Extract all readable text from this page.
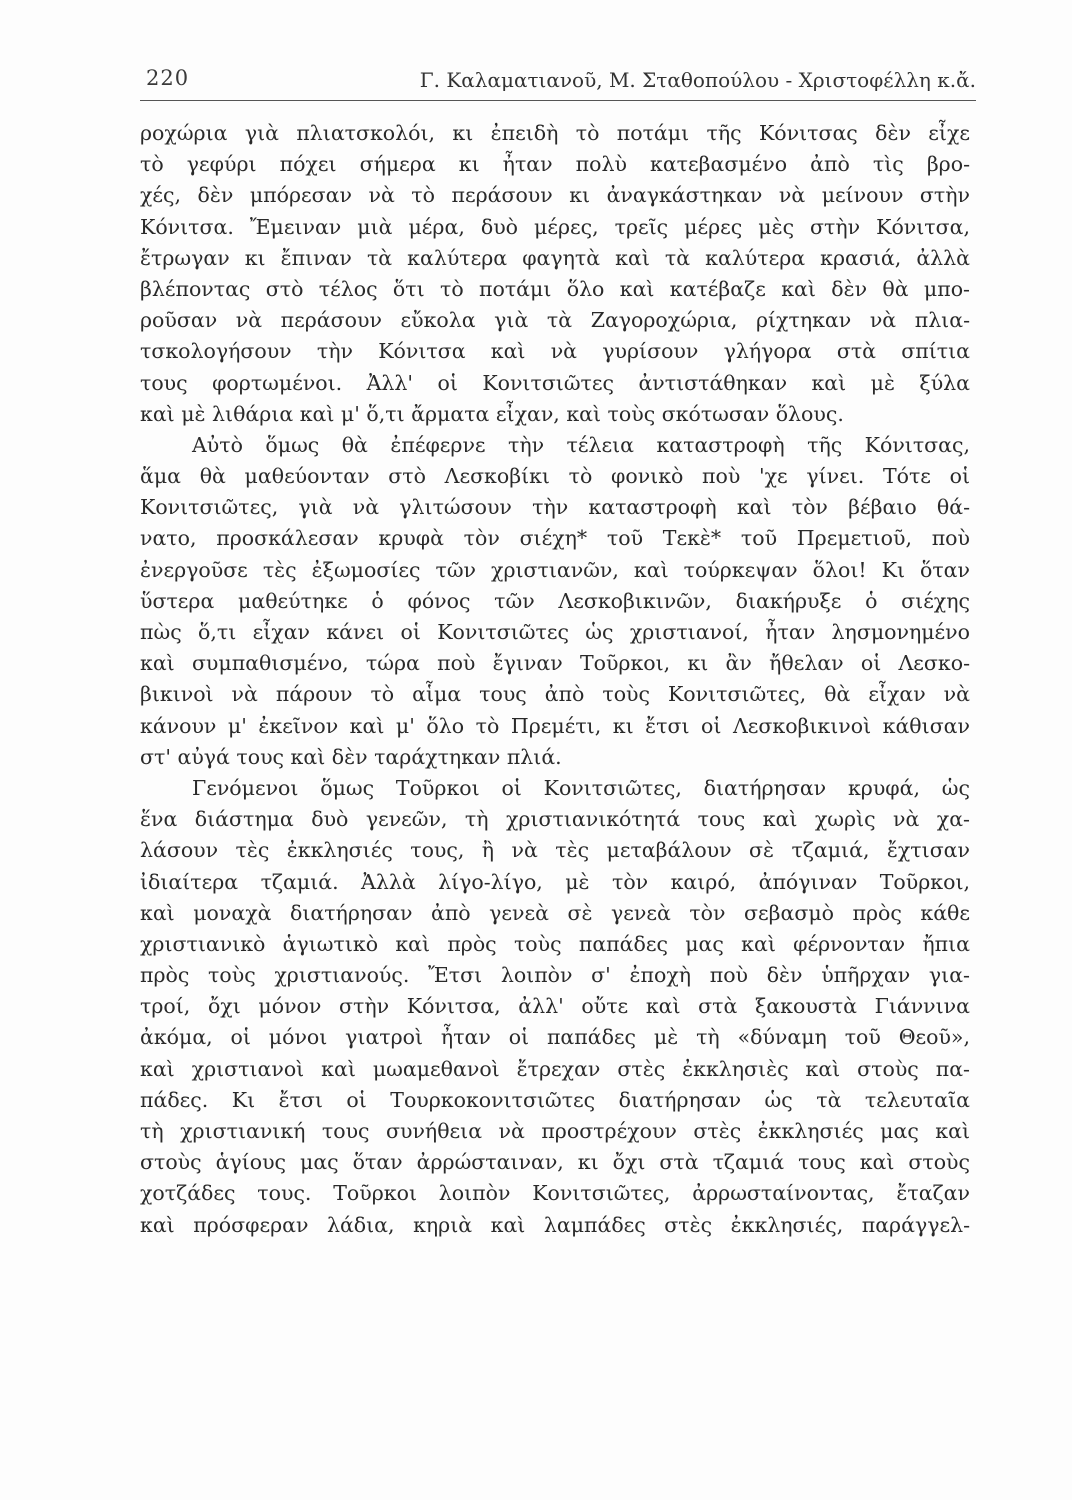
220	Γ. Καλαματιανοῦ, Μ. Σταθοπούλου - Χριστοφέλλη κ.ἄ.
ροχώρια γιὰ πλιατσκολόι, κι ἐπειδὴ τὸ ποτάμι τῆς Κόνιτσας δὲν εἶχε
τὸ γεφύρι πόχει σήμερα κι ἦταν πολὺ κατεβασμένο ἀπὸ τὶς βρο-
χές, δὲν μπόρεσαν νὰ τὸ περάσουν κι ἀναγκάστηκαν νὰ μείνουν στὴν
Κόνιτσα. Ἔμειναν μιὰ μέρα, δυὸ μέρες, τρεῖς μέρες μὲς στὴν Κόνιτσα,
ἔτρωγαν κι ἔπιναν τὰ καλύτερα φαγητὰ καὶ τὰ καλύτερα κρασιά, ἀλλὰ
βλέποντας στὸ τέλος ὅτι τὸ ποτάμι ὅλο καὶ κατέβαζε καὶ δὲν θὰ μπο-
ροῦσαν νὰ περάσουν εὔκολα γιὰ τὰ Ζαγοροχώρια, ρίχτηκαν νὰ πλια-
τσκολογήσουν τὴν Κόνιτσα καὶ νὰ γυρίσουν γλήγορα στὰ σπίτια
τους φορτωμένοι. Ἀλλ' οἱ Κονιτσιῶτες ἀντιστάθηκαν καὶ μὲ ξύλα
καὶ μὲ λιθάρια καὶ μ' ὅ,τι ἄρματα εἶχαν, καὶ τοὺς σκότωσαν ὅλους.
Αὐτὸ ὅμως θὰ ἐπέφερνε τὴν τέλεια καταστροφὴ τῆς Κόνιτσας,
ἅμα θὰ μαθεύονταν στὸ Λεσκοβίκι τὸ φονικὸ ποὺ 'χε γίνει. Τότε οἱ
Κονιτσιῶτες, γιὰ νὰ γλιτώσουν τὴν καταστροφὴ καὶ τὸν βέβαιο θά-
νατο, προσκάλεσαν κρυφὰ τὸν σιέχη* τοῦ Τεκὲ* τοῦ Πρεμετιοῦ, ποὺ
ἐνεργοῦσε τὲς ἐξωμοσίες τῶν χριστιανῶν, καὶ τούρκεψαν ὅλοι! Κι ὅταν
ὕστερα μαθεύτηκε ὁ φόνος τῶν Λεσκοβικινῶν, διακήρυξε ὁ σιέχης
πὼς ὅ,τι εἶχαν κάνει οἱ Κονιτσιῶτες ὡς χριστιανοί, ἦταν λησμονημένο
καὶ συμπαθισμένο, τώρα ποὺ ἔγιναν Τοῦρκοι, κι ἂν ἤθελαν οἱ Λεσκο-
βικινοὶ νὰ πάρουν τὸ αἷμα τους ἀπὸ τοὺς Κονιτσιῶτες, θὰ εἶχαν νὰ
κάνουν μ' ἐκεῖνον καὶ μ' ὅλο τὸ Πρεμέτι, κι ἔτσι οἱ Λεσκοβικινοὶ κάθισαν
στ' αὐγά τους καὶ δὲν ταράχτηκαν πλιά.
Γενόμενοι ὅμως Τοῦρκοι οἱ Κονιτσιῶτες, διατήρησαν κρυφά, ὡς
ἕνα διάστημα δυὸ γενεῶν, τὴ χριστιανικότητά τους καὶ χωρὶς νὰ χα-
λάσουν τὲς ἐκκλησιές τους, ἢ νὰ τὲς μεταβάλουν σὲ τζαμιά, ἔχτισαν
ἰδιαίτερα τζαμιά. Ἀλλὰ λίγο-λίγο, μὲ τὸν καιρό, ἀπόγιναν Τοῦρκοι,
καὶ μοναχὰ διατήρησαν ἀπὸ γενεὰ σὲ γενεὰ τὸν σεβασμὸ πρὸς κάθε
χριστιανικὸ ἁγιωτικὸ καὶ πρὸς τοὺς παπάδες μας καὶ φέρνονταν ἤπια
πρὸς τοὺς χριστιανούς. Ἔτσι λοιπὸν σ' ἐποχὴ ποὺ δὲν ὑπῆρχαν για-
τροί, ὄχι μόνον στὴν Κόνιτσα, ἀλλ' οὔτε καὶ στὰ ξακουστὰ Γιάννινα
ἀκόμα, οἱ μόνοι γιατροὶ ἦταν οἱ παπάδες μὲ τὴ «δύναμη τοῦ Θεοῦ»,
καὶ χριστιανοὶ καὶ μωαμεθανοὶ ἔτρεχαν στὲς ἐκκλησιὲς καὶ στοὺς πα-
πάδες. Κι ἔτσι οἱ Τουρκοκονιτσιῶτες διατήρησαν ὡς τὰ τελευταῖα
τὴ χριστιανική τους συνήθεια νὰ προστρέχουν στὲς ἐκκλησιές μας καὶ
στοὺς ἁγίους μας ὅταν ἀρρώσταιναν, κι ὄχι στὰ τζαμιά τους καὶ στοὺς
χοτζάδες τους. Τοῦρκοι λοιπὸν Κονιτσιῶτες, ἀρρωσταίνοντας, ἔταζαν
καὶ πρόσφεραν λάδια, κηριὰ καὶ λαμπάδες στὲς ἐκκλησιές, παράγγελ-
